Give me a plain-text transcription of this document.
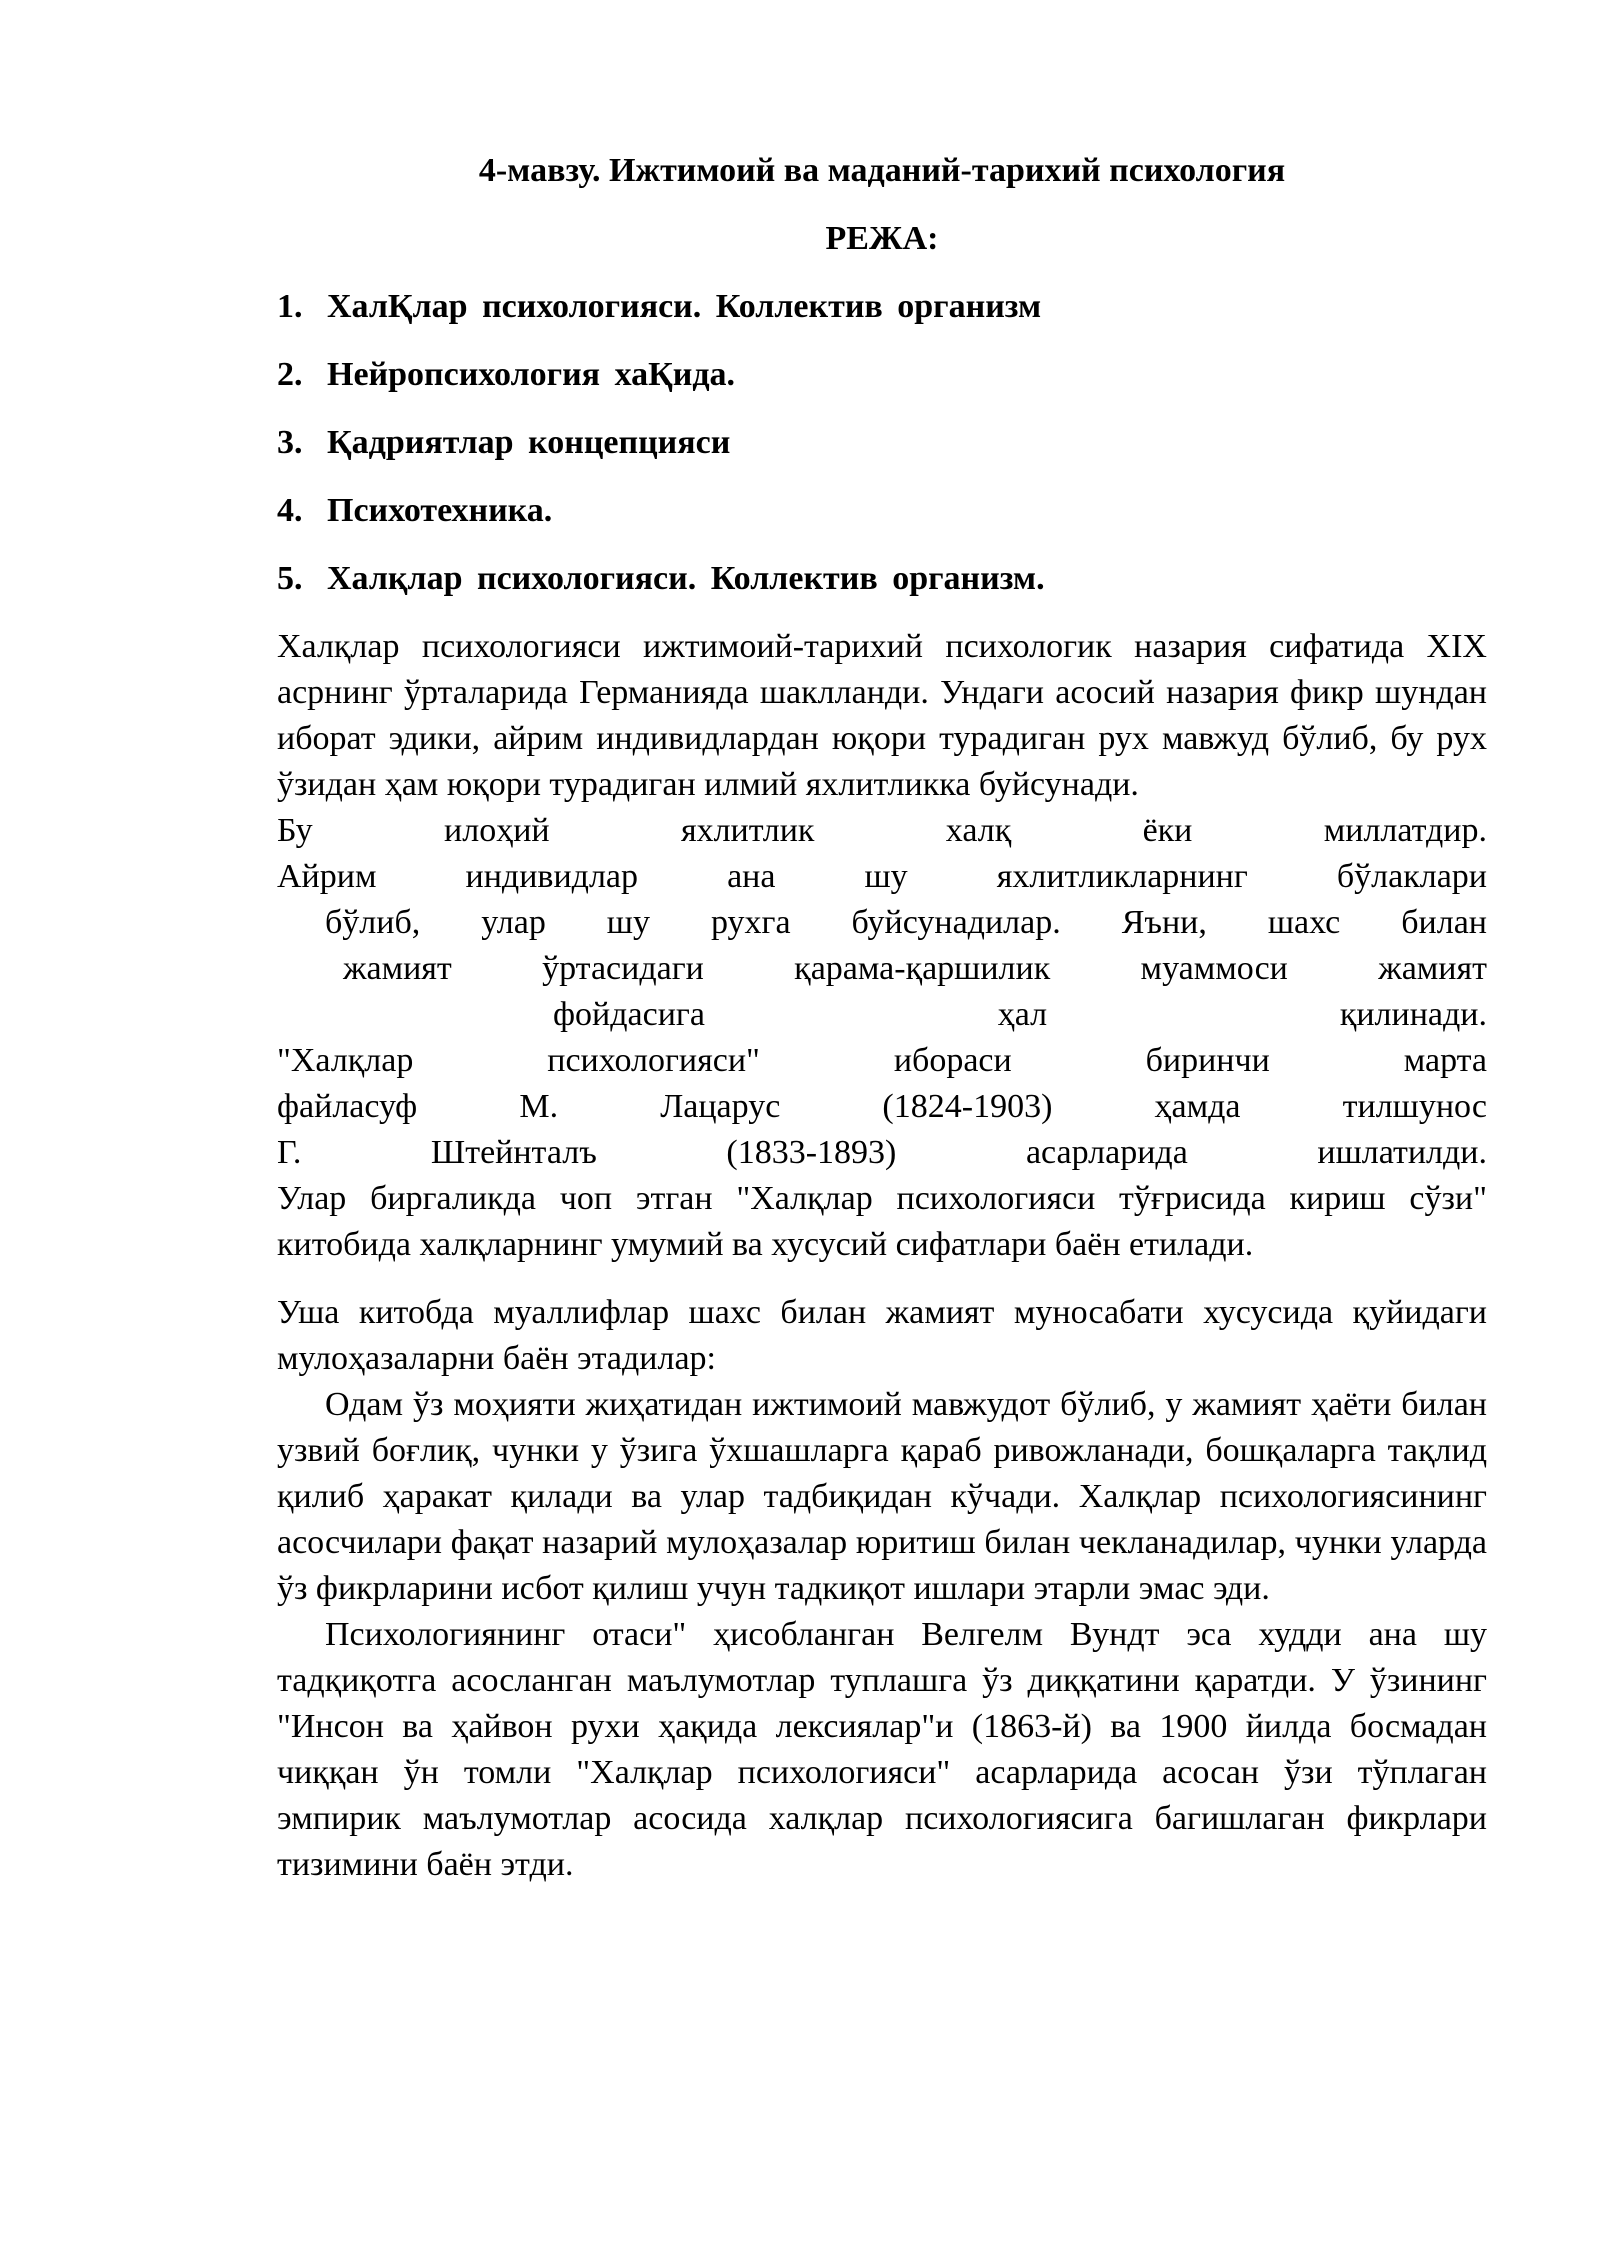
4-мавзу. Ижтимоий ва маданий-тарихий психология
РЕЖА:
1. ХалҚлар психологияси. Коллектив организм
2. Нейропсихология хаҚида.
3. Қадриятлар концепцияси
4. Психотехника.
5. Халқлар психологияси. Коллектив организм.

Халқлар психологияси ижтимоий-тарихий психологик назария сифатида XIX асрнинг ўрталарида Германияда шаклланди. Ундаги асосий назария фикр шундан иборат эдики, айрим индивидлардан юқори турадиган рух мавжуд бўлиб, бу рух ўзидан ҳам юқори турадиган илмий яхлитликка буйсунади.

Бу илоҳий яхлитлик халқ ёки миллатдир.
Айрим индивидлар ана шу яхлитликларнинг бўлаклари
бўлиб, улар шу рухга буйсунадилар. Яъни, шахс билан
жамият ўртасидаги қарама-қаршилик муаммоси жамият
фойдасига ҳал қилинади.
"Халқлар психологияси" ибораси биринчи марта
файласуф М. Лацарус (1824-1903) ҳамда тилшунос
Г. Штейнталъ (1833-1893) асарларида ишлатилди.

Улар биргаликда чоп этган "Халқлар психологияси тўғрисида кириш сўзи" китобида халқларнинг умумий ва хусусий сифатлари баён етилади.

Уша китобда муаллифлар шахс билан жамият муносабати хусусида қуйидаги мулоҳазаларни баён этадилар:

Одам ўз моҳияти жиҳатидан ижтимоий мавжудот бўлиб, у жамият ҳаёти билан узвий боғлиқ, чунки у ўзига ўхшашларга қараб ривожланади, бошқаларга тақлид қилиб ҳаракат қилади ва улар тадбиқидан кўчади. Халқлар психологиясининг асосчилари фақат назарий мулоҳазалар юритиш билан чекланадилар, чунки уларда ўз фикрларини исбот қилиш учун тадкиқот ишлари этарли эмас эди.

Психологиянинг отаси" ҳисобланган Велгелм Вундт эса худди ана шу тадқиқотга асосланган маълумотлар туплашга ўз диққатини қаратди. У ўзининг "Инсон ва ҳайвон рухи ҳақида лексиялар"и (1863-й) ва 1900 йилда босмадан чиққан ўн томли "Халқлар психологияси" асарларида асосан ўзи тўплаган эмпирик маълумотлар асосида халқлар психологиясига багишлаган фикрлари тизимини баён этди.
